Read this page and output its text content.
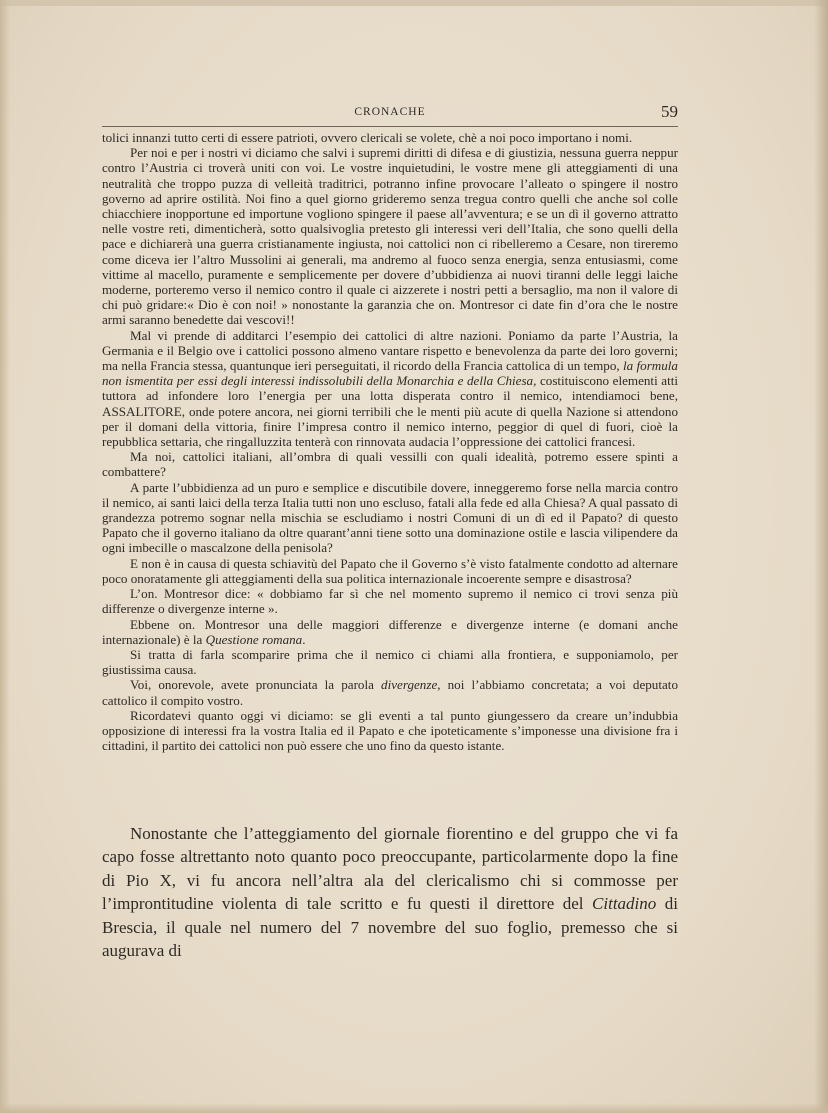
CRONACHE	59

tolici innanzi tutto certi di essere patrioti, ovvero clericali se volete, chè a noi poco importano i nomi.

Per noi e per i nostri vi diciamo che salvi i supremi diritti di difesa e di giustizia, nessuna guerra neppur contro l’Austria ci troverà uniti con voi. Le vostre inquietudini, le vostre mene gli atteggiamenti di una neutralità che troppo puzza di velleità traditrici, potranno infine provocare l’alleato o spingere il nostro governo ad aprire ostilità. Noi fino a quel giorno grideremo senza tregua contro quelli che anche sol colle chiacchiere inopportune ed importune vogliono spingere il paese all’avventura; e se un dì il governo attratto nelle vostre reti, dimenticherà, sotto qualsivoglia pretesto gli interessi veri dell’Italia, che sono quelli della pace e dichiarerà una guerra cristianamente ingiusta, noi cattolici non ci ribelleremo a Cesare, non tireremo come diceva ier l’altro Mussolini ai generali, ma andremo al fuoco senza energia, senza entusiasmi, come vittime al macello, puramente e semplicemente per dovere d’ubbidienza ai nuovi tiranni delle leggi laiche moderne, porteremo verso il nemico contro il quale ci aizzerete i nostri petti a bersaglio, ma non il valore di chi può gridare:« Dio è con noi! » nonostante la garanzia che on. Montresor ci date fin d’ora che le nostre armi saranno benedette dai vescovi!!

Mal vi prende di additarci l’esempio dei cattolici di altre nazioni. Poniamo da parte l’Austria, la Germania e il Belgio ove i cattolici possono almeno vantare rispetto e benevolenza da parte dei loro governi; ma nella Francia stessa, quantunque ieri perseguitati, il ricordo della Francia cattolica di un tempo, la formula non ismentita per essi degli interessi indissolubili della Monarchia e della Chiesa, costituiscono elementi atti tuttora ad infondere loro l’energia per una lotta disperata contro il nemico, intendiamoci bene, ASSALITORE, onde potere ancora, nei giorni terribili che le menti più acute di quella Nazione si attendono per il domani della vittoria, finire l’impresa contro il nemico interno, peggior di quel di fuori, cioè la repubblica settaria, che ringalluzzita tenterà con rinnovata audacia l’oppressione dei cattolici francesi.

Ma noi, cattolici italiani, all’ombra di quali vessilli con quali idealità, potremo essere spinti a combattere?

A parte l’ubbidienza ad un puro e semplice e discutibile dovere, inneggeremo forse nella marcia contro il nemico, ai santi laici della terza Italia tutti non uno escluso, fatali alla fede ed alla Chiesa? A qual passato di grandezza potremo sognar nella mischia se escludiamo i nostri Comuni di un dì ed il Papato? di questo Papato che il governo italiano da oltre quarant’anni tiene sotto una dominazione ostile e lascia vilipendere da ogni imbecille o mascalzone della penisola?

E non è in causa di questa schiavitù del Papato che il Governo s’è visto fatalmente condotto ad alternare poco onoratamente gli atteggiamenti della sua politica internazionale incoerente sempre e disastrosa?

L’on. Montresor dice: « dobbiamo far sì che nel momento supremo il nemico ci trovi senza più differenze o divergenze interne ».

Ebbene on. Montresor una delle maggiori differenze e divergenze interne (e domani anche internazionale) è la Questione romana.

Si tratta di farla scomparire prima che il nemico ci chiami alla frontiera, e supponiamolo, per giustissima causa.

Voi, onorevole, avete pronunciata la parola divergenze, noi l’abbiamo concretata; a voi deputato cattolico il compito vostro.

Ricordatevi quanto oggi vi diciamo: se gli eventi a tal punto giungessero da creare un’indubbia opposizione di interessi fra la vostra Italia ed il Papato e che ipoteticamente s’imponesse una divisione fra i cittadini, il partito dei cattolici non può essere che uno fino da questo istante.

Nonostante che l’atteggiamento del giornale fiorentino e del gruppo che vi fa capo fosse altrettanto noto quanto poco preoccupante, particolarmente dopo la fine di Pio X, vi fu ancora nell’altra ala del clericalismo chi si commosse per l’improntitudine violenta di tale scritto e fu questi il direttore del Cittadino di Brescia, il quale nel numero del 7 novembre del suo foglio, premesso che si augurava di
